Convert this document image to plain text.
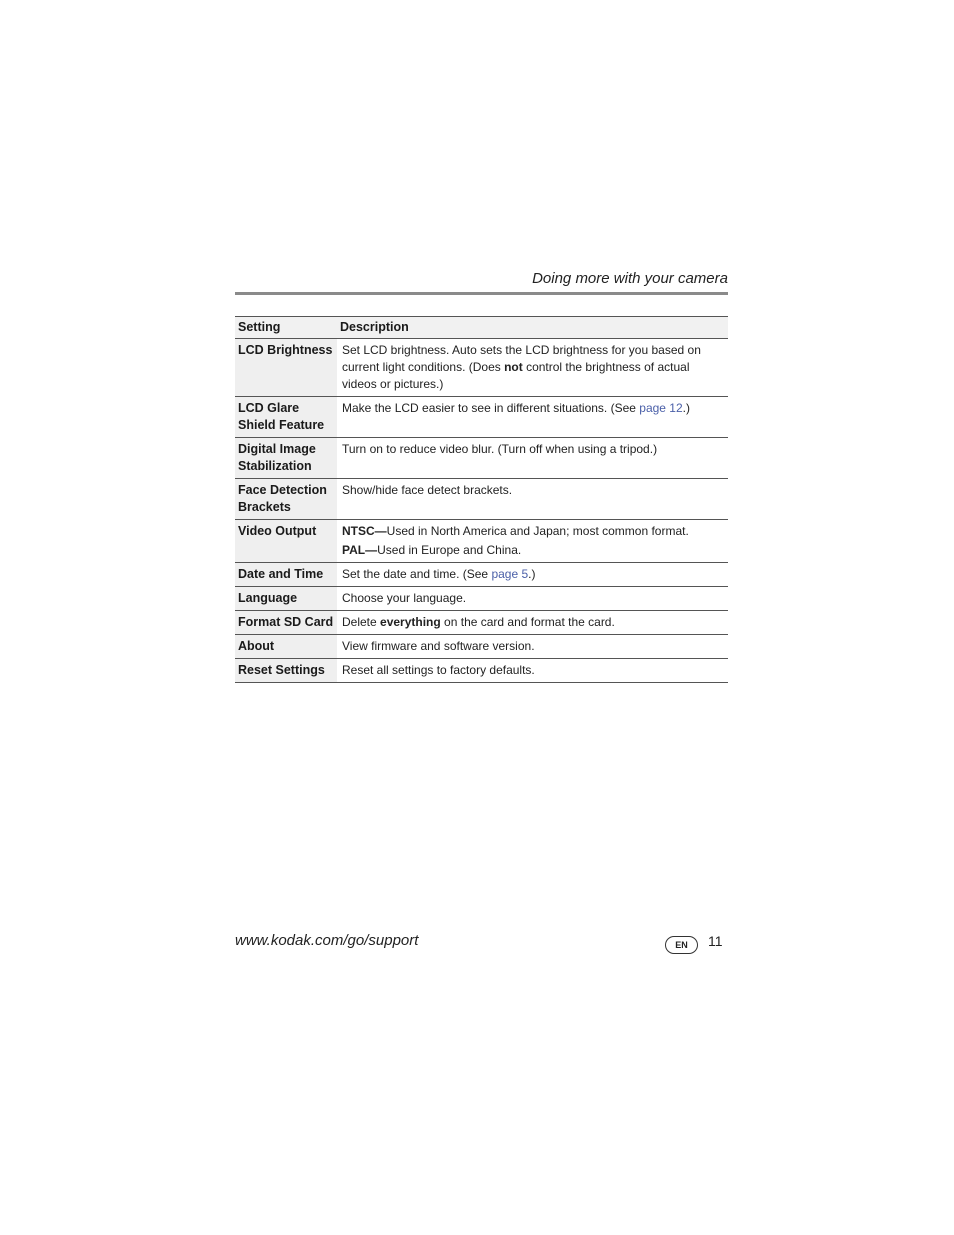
Doing more with your camera
Setting	Description
LCD Brightness	Set LCD brightness. Auto sets the LCD brightness for you based on current light conditions. (Does not control the brightness of actual videos or pictures.)
LCD Glare Shield Feature	Make the LCD easier to see in different situations. (See page 12.)
Digital Image Stabilization	Turn on to reduce video blur. (Turn off when using a tripod.)
Face Detection Brackets	Show/hide face detect brackets.
Video Output	NTSC—Used in North America and Japan; most common format.
PAL—Used in Europe and China.

Date and Time	Set the date and time. (See page 5.)
Language	Choose your language.
Format SD Card	Delete everything on the card and format the card.
About	View firmware and software version.
Reset Settings	Reset all settings to factory defaults.
www.kodak.com/go/support	EN	11
